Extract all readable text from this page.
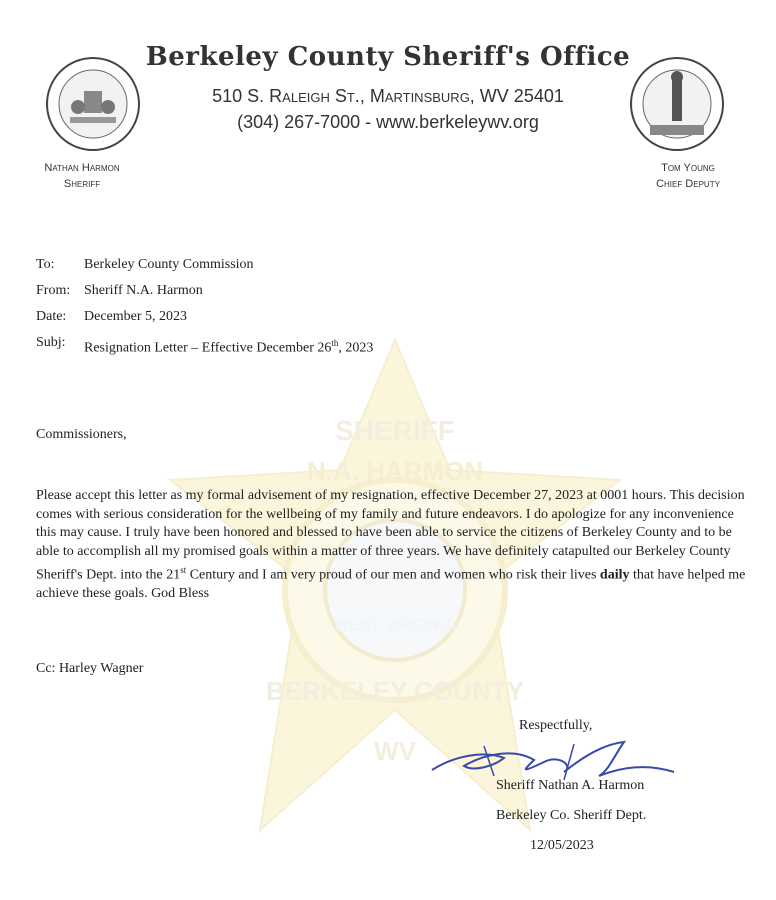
SHERIFF
N.A. HARMON
WEST VIRGINIA
BERKELEY COUNTY
WV
Berkeley County Sheriff's Office
510 S. Raleigh St., Martinsburg, WV 25401
(304) 267-7000 - www.berkeleywv.org
Nathan Harmon
Sheriff
Tom Young
Chief Deputy
To:	Berkeley County Commission
From: Sheriff N.A. Harmon
Date:	December 5, 2023
Subj:	Resignation Letter – Effective December 26th, 2023
Commissioners,
Please accept this letter as my formal advisement of my resignation, effective December 27, 2023 at 0001 hours. This decision comes with serious consideration for the wellbeing of my family and future endeavors. I do apologize for any inconvenience this may cause. I truly have been honored and blessed to have been able to service the citizens of Berkeley County and to be able to accomplish all my promised goals within a matter of three years. We have definitely catapulted our Berkeley County Sheriff's Dept. into the 21st Century and I am very proud of our men and women who risk their lives daily that have helped me achieve these goals. God Bless
Cc: Harley Wagner
Respectfully,
Sheriff Nathan A. Harmon
Berkeley Co. Sheriff Dept.
12/05/2023
